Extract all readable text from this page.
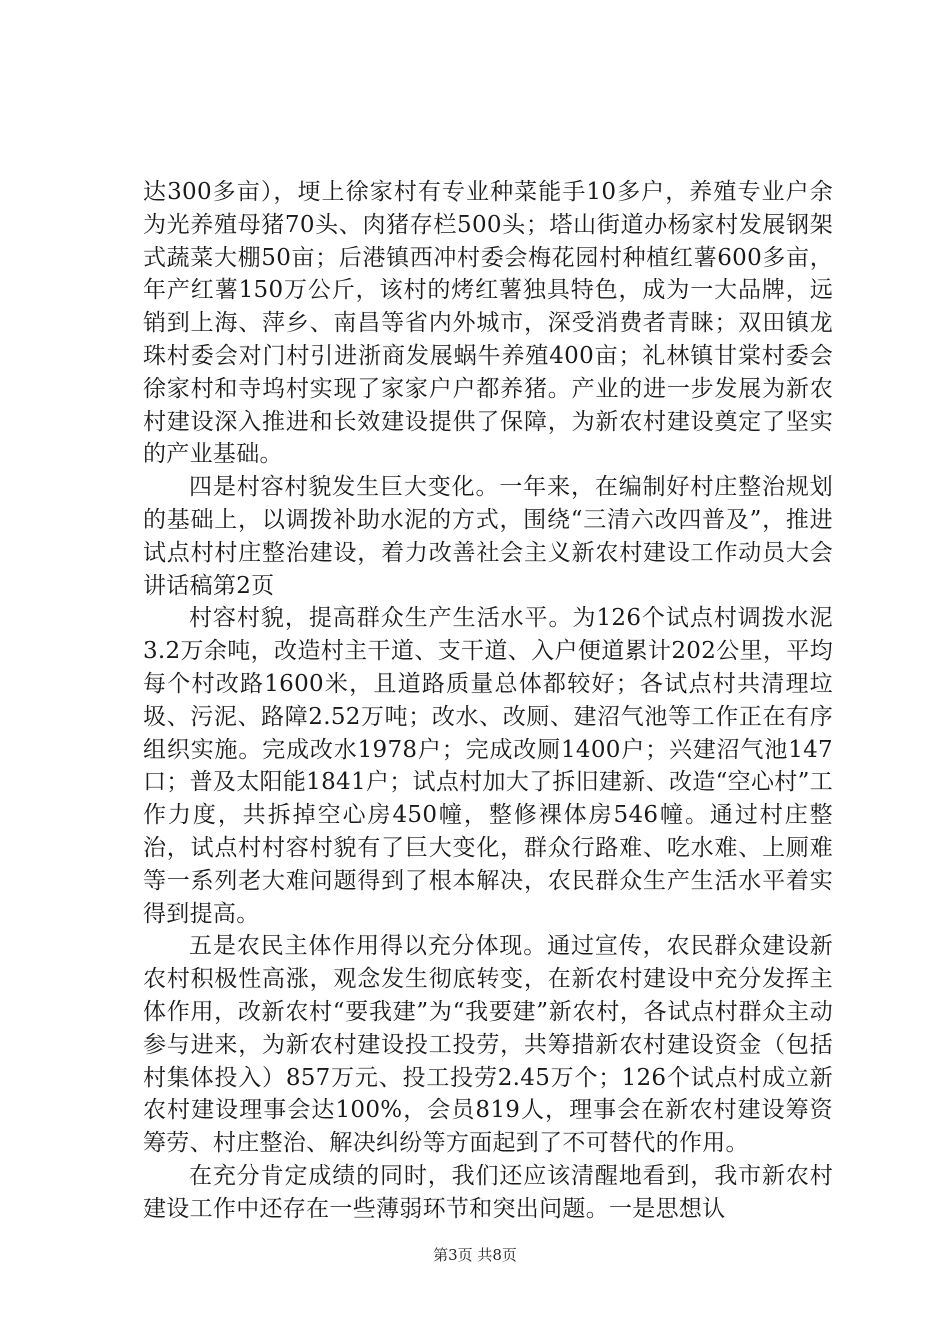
达300多亩），埂上徐家村有专业种菜能手10多户，养殖专业户余为光养殖母猪70头、肉猪存栏500头；塔山街道办杨家村发展钢架式蔬菜大棚50亩；后港镇西冲村委会梅花园村种植红薯600多亩，年产红薯150万公斤，该村的烤红薯独具特色，成为一大品牌，远销到上海、萍乡、南昌等省内外城市，深受消费者青睐；双田镇龙珠村委会对门村引进浙商发展蜗牛养殖400亩；礼林镇甘棠村委会徐家村和寺坞村实现了家家户户都养猪。产业的进一步发展为新农村建设深入推进和长效建设提供了保障，为新农村建设奠定了坚实的产业基础。

四是村容村貌发生巨大变化。一年来，在编制好村庄整治规划的基础上，以调拨补助水泥的方式，围绕“三清六改四普及”，推进试点村村庄整治建设，着力改善社会主义新农村建设工作动员大会讲话稿第2页

村容村貌，提高群众生产生活水平。为126个试点村调拨水泥3.2万余吨，改造村主干道、支干道、入户便道累计202公里，平均每个村改路1600米，且道路质量总体都较好；各试点村共清理垃圾、污泥、路障2.52万吨；改水、改厕、建沼气池等工作正在有序组织实施。完成改水1978户；完成改厕1400户；兴建沼气池147口；普及太阳能1841户；试点村加大了拆旧建新、改造“空心村”工作力度，共拆掉空心房450幢，整修裸体房546幢。通过村庄整治，试点村村容村貌有了巨大变化，群众行路难、吃水难、上厕难等一系列老大难问题得到了根本解决，农民群众生产生活水平着实得到提高。

五是农民主体作用得以充分体现。通过宣传，农民群众建设新农村积极性高涨，观念发生彻底转变，在新农村建设中充分发挥主体作用，改新农村“要我建”为“我要建”新农村，各试点村群众主动参与进来，为新农村建设投工投劳，共筹措新农村建设资金（包括村集体投入）857万元、投工投劳2.45万个；126个试点村成立新农村建设理事会达100%，会员819人，理事会在新农村建设筹资筹劳、村庄整治、解决纠纷等方面起到了不可替代的作用。

在充分肯定成绩的同时，我们还应该清醒地看到，我市新农村建设工作中还存在一些薄弱环节和突出问题。一是思想认

第3页 共8页
